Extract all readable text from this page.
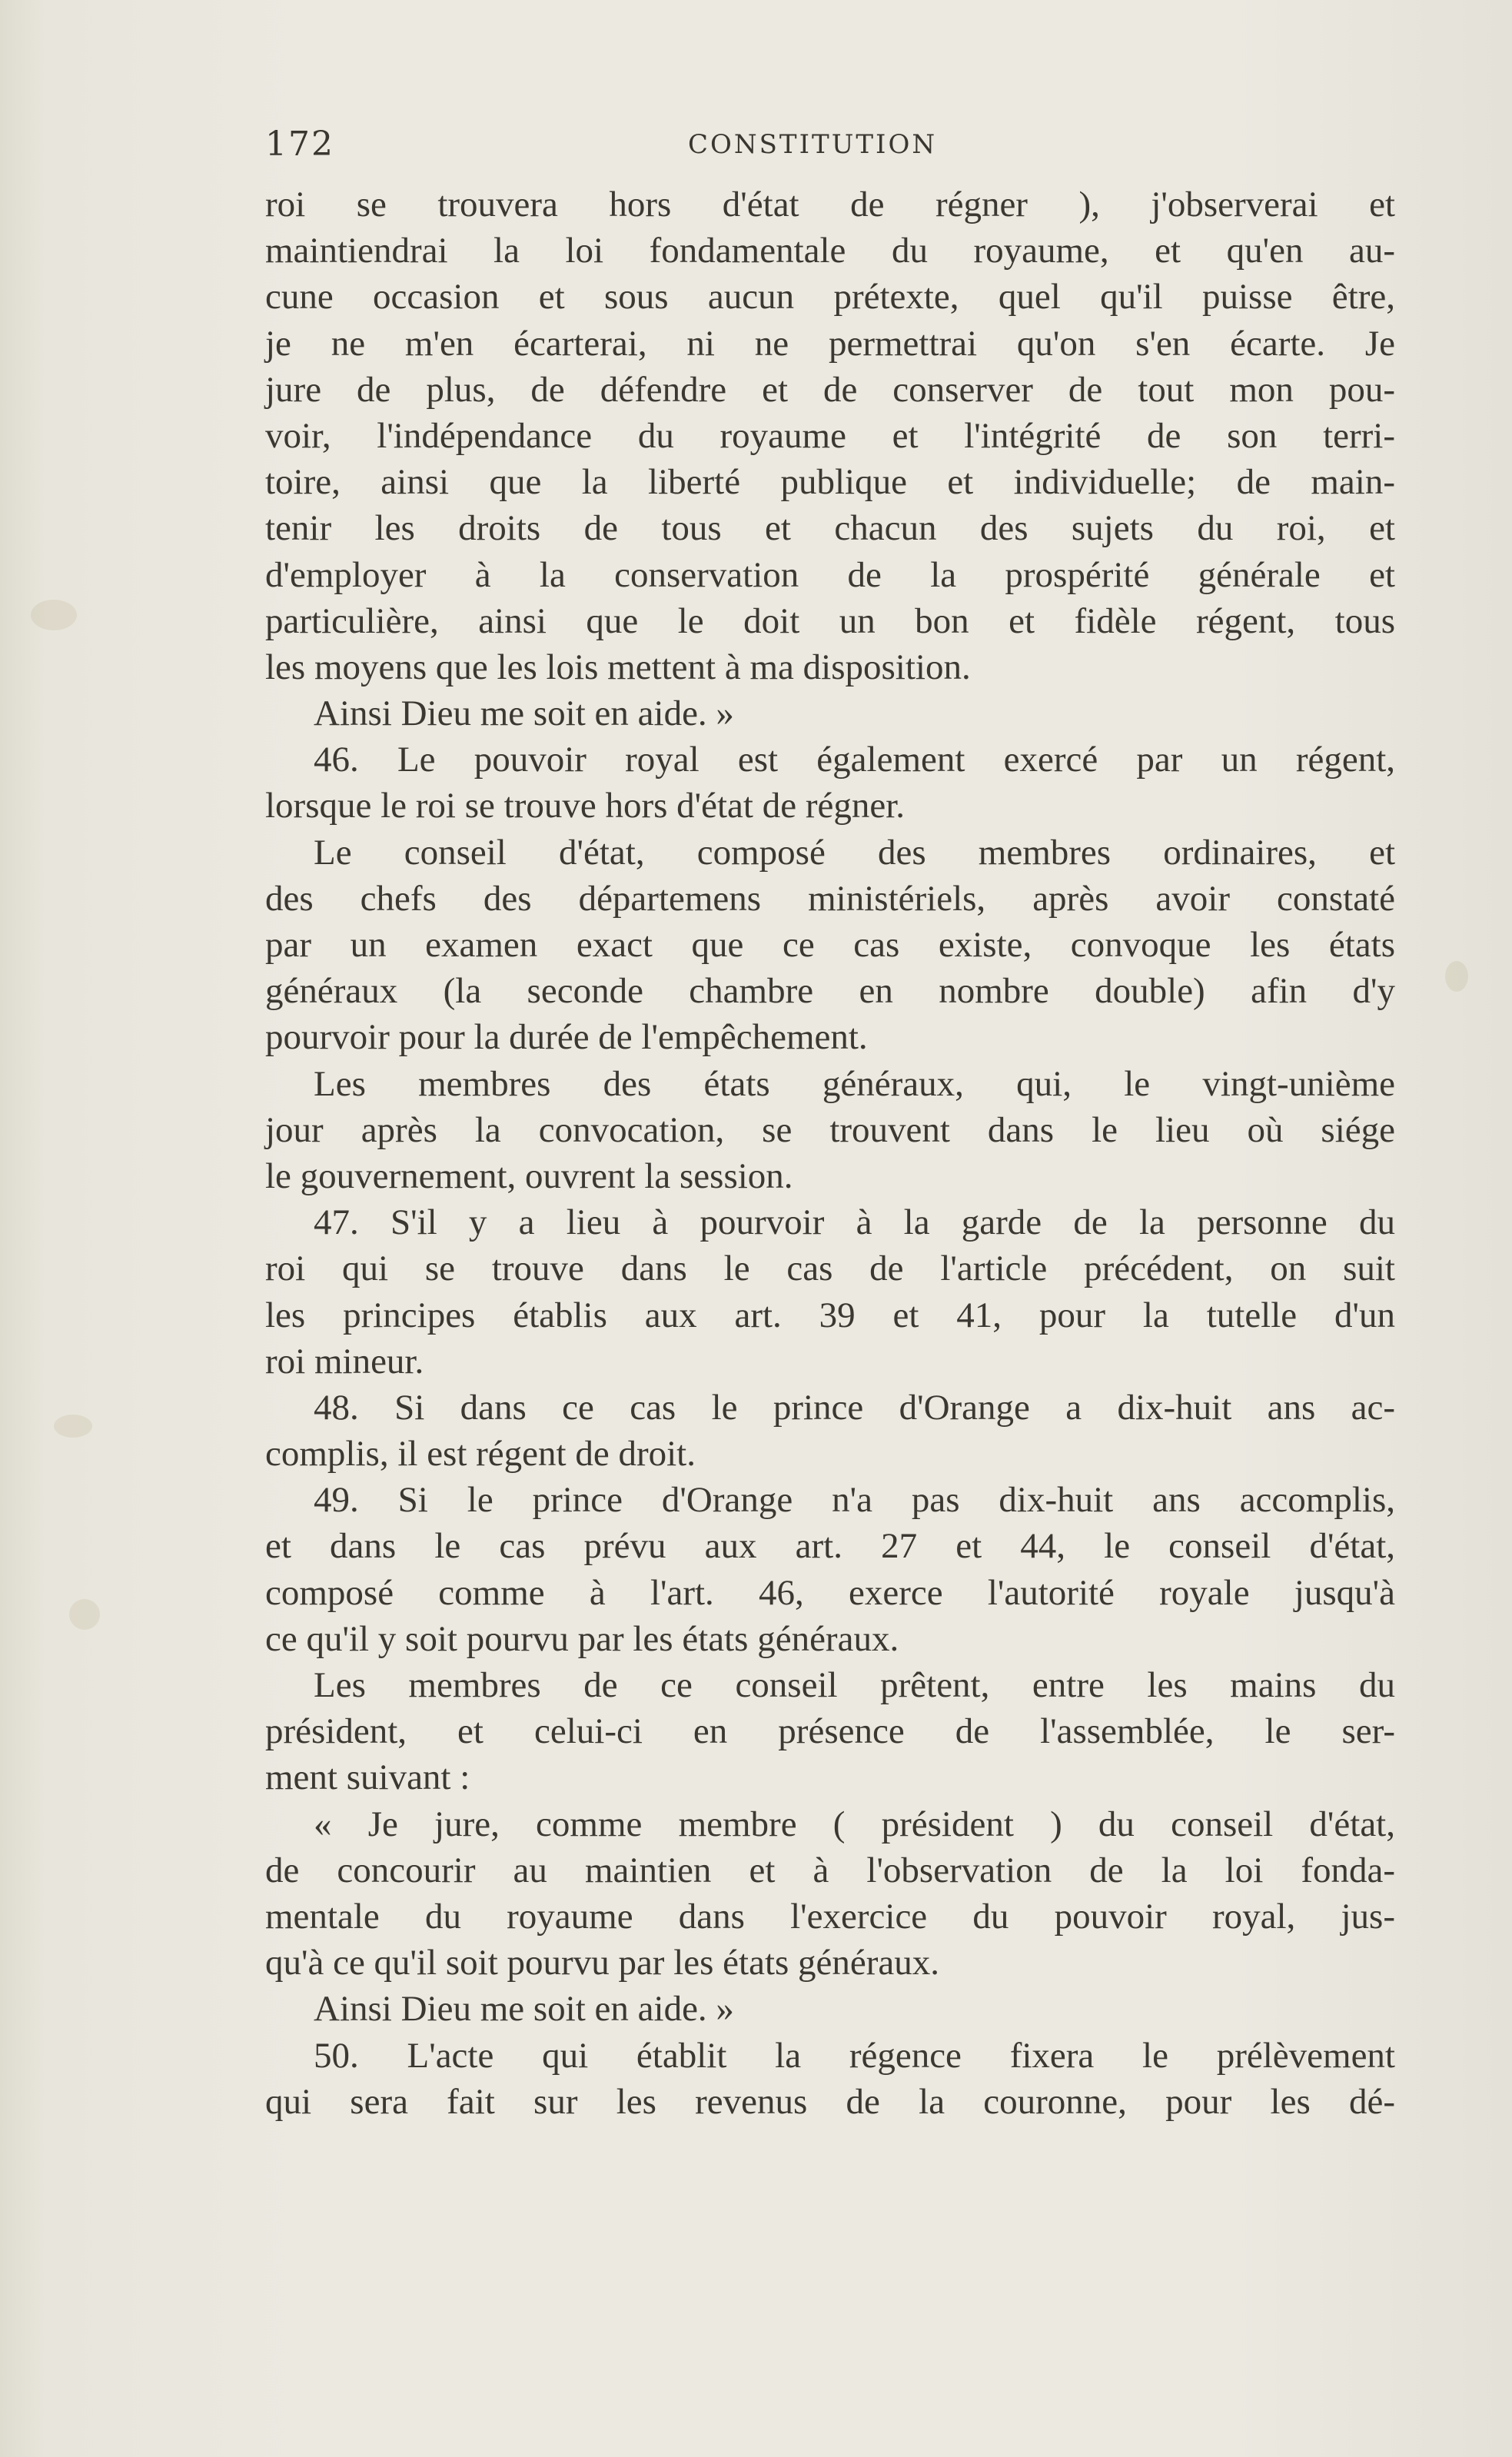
172	CONSTITUTION
roi se trouvera hors d'état de régner ), j'observerai et
maintiendrai la loi fondamentale du royaume, et qu'en au-
cune occasion et sous aucun prétexte, quel qu'il puisse être,
je ne m'en écarterai, ni ne permettrai qu'on s'en écarte. Je
jure de plus, de défendre et de conserver de tout mon pou-
voir, l'indépendance du royaume et l'intégrité de son terri-
toire, ainsi que la liberté publique et individuelle; de main-
tenir les droits de tous et chacun des sujets du roi, et
d'employer à la conservation de la prospérité générale et
particulière, ainsi que le doit un bon et fidèle régent, tous
les moyens que les lois mettent à ma disposition.
Ainsi Dieu me soit en aide. »
46. Le pouvoir royal est également exercé par un régent,
lorsque le roi se trouve hors d'état de régner.
Le conseil d'état, composé des membres ordinaires, et
des chefs des départemens ministériels, après avoir constaté
par un examen exact que ce cas existe, convoque les états
généraux (la seconde chambre en nombre double) afin d'y
pourvoir pour la durée de l'empêchement.
Les membres des états généraux, qui, le vingt-unième
jour après la convocation, se trouvent dans le lieu où siége
le gouvernement, ouvrent la session.
47. S'il y a lieu à pourvoir à la garde de la personne du
roi qui se trouve dans le cas de l'article précédent, on suit
les principes établis aux art. 39 et 41, pour la tutelle d'un
roi mineur.
48. Si dans ce cas le prince d'Orange a dix-huit ans ac-
complis, il est régent de droit.
49. Si le prince d'Orange n'a pas dix-huit ans accomplis,
et dans le cas prévu aux art. 27 et 44, le conseil d'état,
composé comme à l'art. 46, exerce l'autorité royale jusqu'à
ce qu'il y soit pourvu par les états généraux.
Les membres de ce conseil prêtent, entre les mains du
président, et celui-ci en présence de l'assemblée, le ser-
ment suivant :
« Je jure, comme membre ( président ) du conseil d'état,
de concourir au maintien et à l'observation de la loi fonda-
mentale du royaume dans l'exercice du pouvoir royal, jus-
qu'à ce qu'il soit pourvu par les états généraux.
Ainsi Dieu me soit en aide. »
50. L'acte qui établit la régence fixera le prélèvement
qui sera fait sur les revenus de la couronne, pour les dé-
